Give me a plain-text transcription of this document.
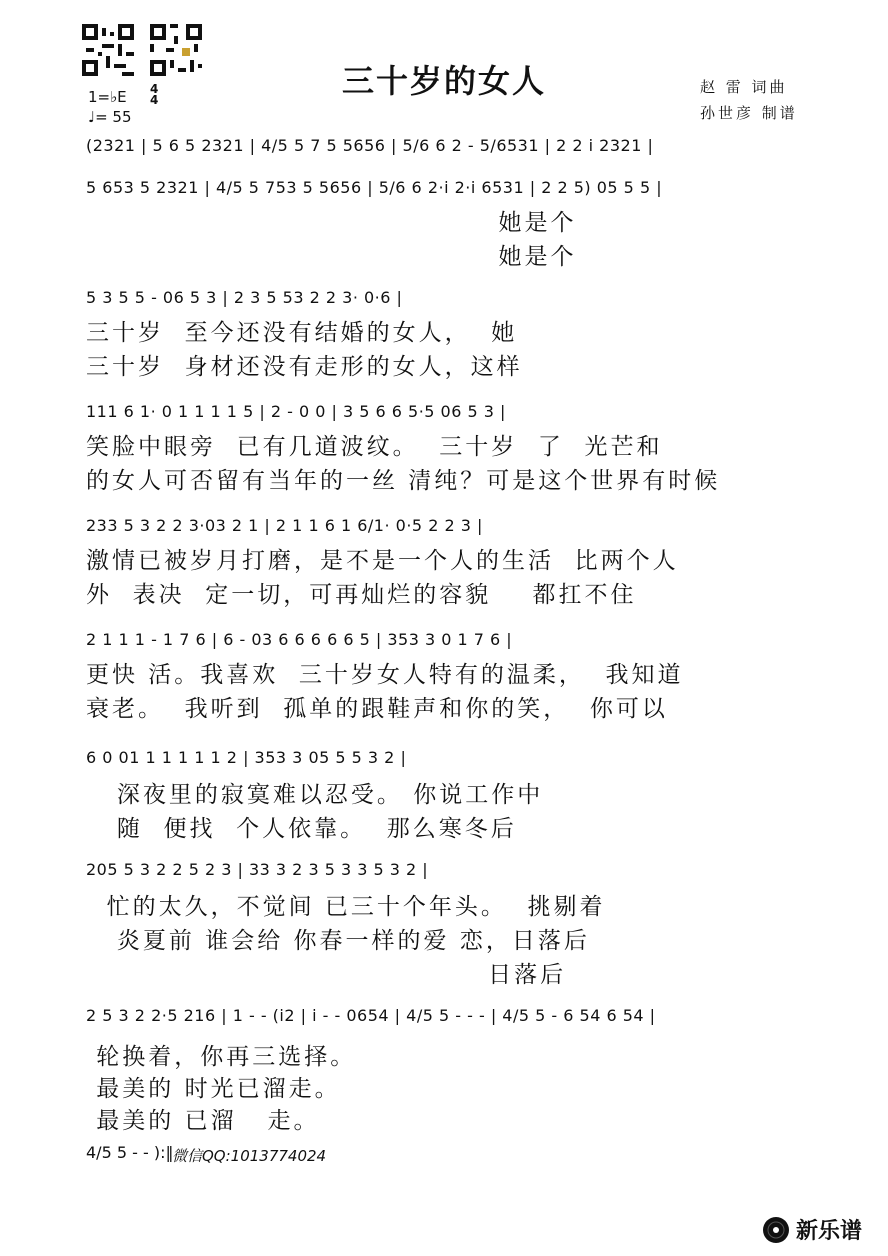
三十岁的女人	赵 雷 词曲
孙世彦 制谱
1=♭E 4
4
♩= 55
(2321 | 5 6 5 2321 | 4/5 5 7 5 5656 | 5/6 6 2 - 5/6531 | 2 2 i 2321 |
5 653 5 2321 | 4/5 5 753 5 5656 | 5/6 6 2·i 2·i 6531 | 2 2 5) 05 5 5 |
她是个
她是个
5 3 5 5 - 06 5 3 | 2 3 5 53 2 2 3· 0·6 |
三十岁  至今还没有结婚的女人，  她
三十岁  身材还没有走形的女人，这样
111 6 1· 0 1 1 1 1 5 | 2 - 0 0 | 3 5 6 6 5·5 06 5 3 |
笑脸中眼旁  已有几道波纹。  三十岁  了  光芒和
的女人可否留有当年的一丝 清纯？可是这个世界有时候
233 5 3 2 2 3·03 2 1 | 2 1 1 6 1 6/1· 0·5 2 2 3 |
激情已被岁月打磨，是不是一个人的生活  比两个人
外  表决  定一切，可再灿烂的容貌    都扛不住
2 1 1 1 - 1 7 6 | 6 - 03 6 6 6 6 6 5 | 353 3 0 1 7 6 |
更快 活。我喜欢  三十岁女人特有的温柔，  我知道
衰老。  我听到  孤单的跟鞋声和你的笑，  你可以
6 0 01 1 1 1 1 1 2 | 353 3 05 5 5 3 2 |
深夜里的寂寞难以忍受。 你说工作中
随  便找  个人依靠。  那么寒冬后
205 5 3 2 2 5 2 3 | 33 3 2 3 5 3 3 5 3 2 |
忙的太久，不觉间 已三十个年头。  挑剔着
炎夏前 谁会给 你春一样的爱 恋，日落后
日落后
2 5 3 2 2·5 216 | 1 - - (i2 | i - - 0654 | 4/5 5 - - - | 4/5 5 - 6 54 6 54 |
轮换着，你再三选择。
最美的 时光已溜走。
最美的 已溜   走。
4/5 5 - - ):‖
微信QQ:1013774024
新乐谱
